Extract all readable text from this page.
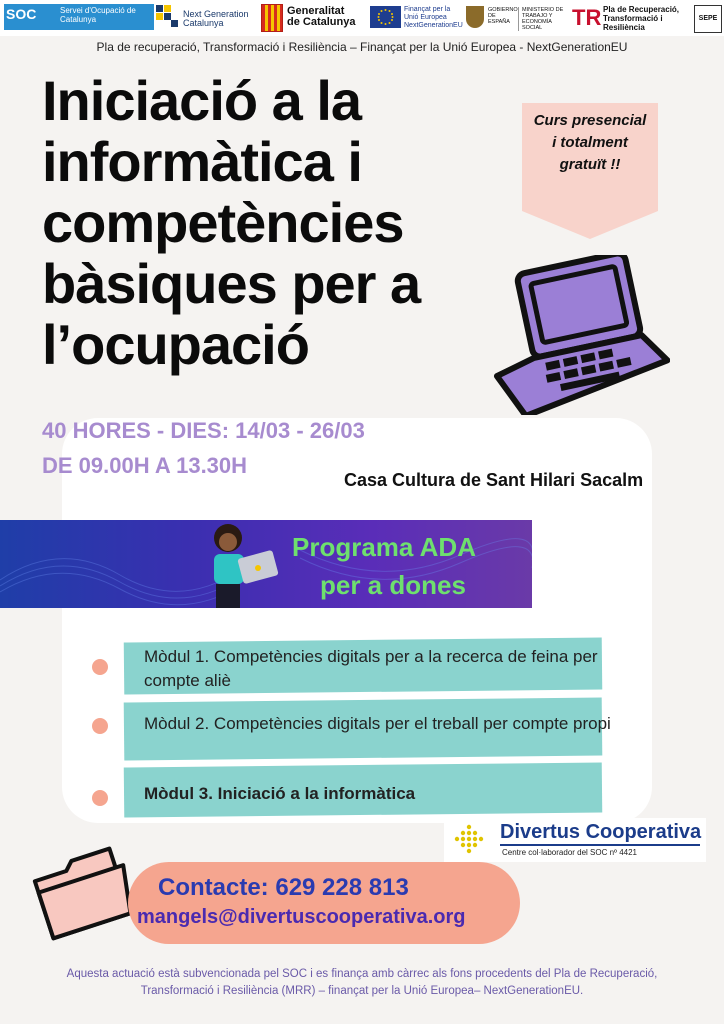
SOC	Servei d'Ocupació de Catalunya
Next Generation Catalunya
Generalitat de Catalunya
Finançat per la Unió Europea NextGenerationEU
GOBIERNO DE ESPAÑA
MINISTERIO DE TRABAJO Y ECONOMÍA SOCIAL	TR Pla de Recuperació, Transformació i Resiliència
SEPE
Pla de recuperació, Transformació i Resiliència – Finançat per la Unió Europea - NextGenerationEU
Iniciació a la informàtica i competències bàsiques per a l’ocupació
Curs presencial i totalment gratuït !!
40 HORES - DIES: 14/03 - 26/03
DE 09.00H A 13.30H
Casa Cultura de Sant Hilari Sacalm
Programa ADA
per a dones
Mòdul 1. Competències digitals per a la recerca de feina per compte aliè
Mòdul 2. Competències digitals per el treball per compte propi
Mòdul 3. Iniciació a la informàtica
Divertus Cooperativa
Centre col·laborador del SOC nº 4421
Contacte: 629 228 813
mangels@divertuscooperativa.org
Aquesta actuació està subvencionada pel SOC i es finança amb càrrec als fons procedents del Pla de Recuperació, Transformació i Resiliència (MRR) – finançat per la Unió Europea– NextGenerationEU.
